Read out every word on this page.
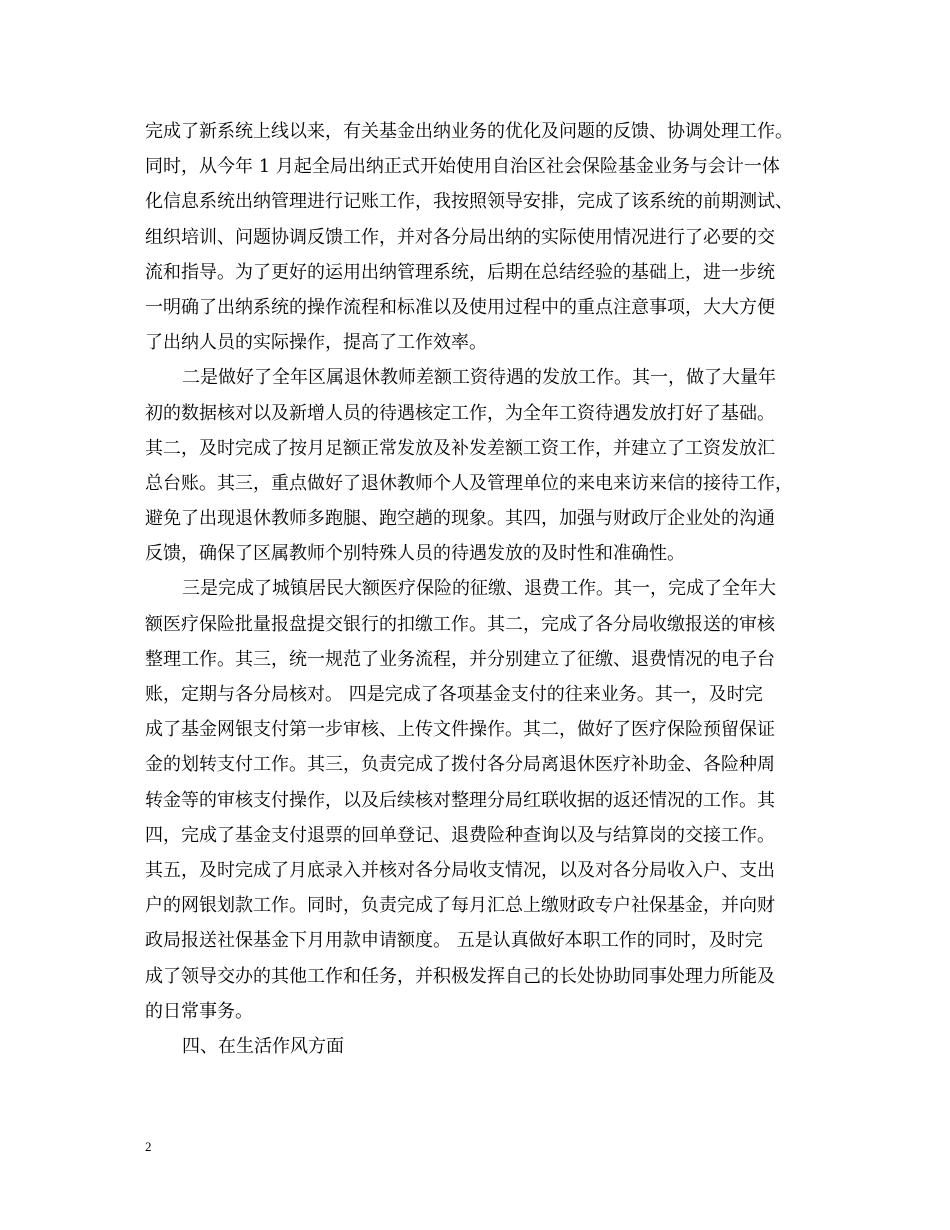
完成了新系统上线以来，有关基金出纳业务的优化及问题的反馈、协调处理工作。
同时，从今年 1 月起全局出纳正式开始使用自治区社会保险基金业务与会计一体
化信息系统出纳管理进行记账工作，我按照领导安排，完成了该系统的前期测试、
组织培训、问题协调反馈工作，并对各分局出纳的实际使用情况进行了必要的交
流和指导。为了更好的运用出纳管理系统，后期在总结经验的基础上，进一步统
一明确了出纳系统的操作流程和标准以及使用过程中的重点注意事项，大大方便
了出纳人员的实际操作，提高了工作效率。
二是做好了全年区属退休教师差额工资待遇的发放工作。其一，做了大量年
初的数据核对以及新增人员的待遇核定工作，为全年工资待遇发放打好了基础。
其二，及时完成了按月足额正常发放及补发差额工资工作，并建立了工资发放汇
总台账。其三，重点做好了退休教师个人及管理单位的来电来访来信的接待工作，
避免了出现退休教师多跑腿、跑空趟的现象。其四，加强与财政厅企业处的沟通
反馈，确保了区属教师个别特殊人员的待遇发放的及时性和准确性。
三是完成了城镇居民大额医疗保险的征缴、退费工作。其一，完成了全年大
额医疗保险批量报盘提交银行的扣缴工作。其二，完成了各分局收缴报送的审核
整理工作。其三，统一规范了业务流程，并分别建立了征缴、退费情况的电子台
账，定期与各分局核对。 四是完成了各项基金支付的往来业务。其一，及时完
成了基金网银支付第一步审核、上传文件操作。其二，做好了医疗保险预留保证
金的划转支付工作。其三，负责完成了拨付各分局离退休医疗补助金、各险种周
转金等的审核支付操作，以及后续核对整理分局红联收据的返还情况的工作。其
四，完成了基金支付退票的回单登记、退费险种查询以及与结算岗的交接工作。
其五，及时完成了月底录入并核对各分局收支情况，以及对各分局收入户、支出
户的网银划款工作。同时，负责完成了每月汇总上缴财政专户社保基金，并向财
政局报送社保基金下月用款申请额度。 五是认真做好本职工作的同时，及时完
成了领导交办的其他工作和任务，并积极发挥自己的长处协助同事处理力所能及
的日常事务。
四、在生活作风方面
2
